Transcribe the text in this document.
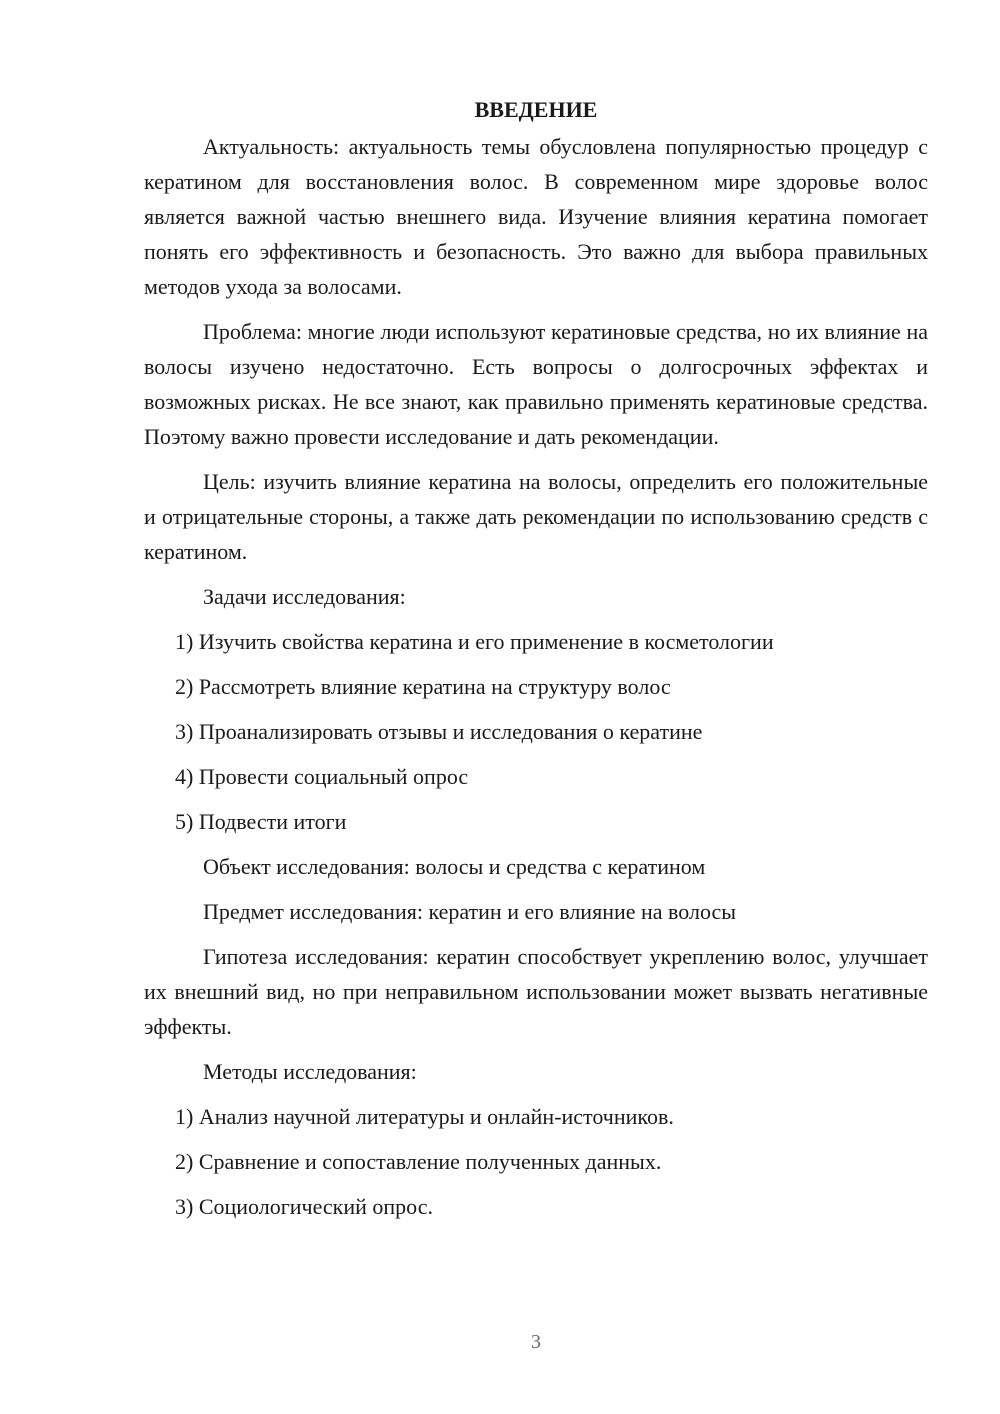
ВВЕДЕНИЕ

Актуальность: актуальность темы обусловлена популярностью процедур с кератином для восстановления волос. В современном мире здоровье волос является важной частью внешнего вида. Изучение влияния кератина помогает понять его эффективность и безопасность. Это важно для выбора правильных методов ухода за волосами.

Проблема: многие люди используют кератиновые средства, но их влияние на волосы изучено недостаточно. Есть вопросы о долгосрочных эффектах и возможных рисках. Не все знают, как правильно применять кератиновые средства. Поэтому важно провести исследование и дать рекомендации.

Цель: изучить влияние кератина на волосы, определить его положительные и отрицательные стороны, а также дать рекомендации по использованию средств с кератином.

Задачи исследования:
1) Изучить свойства кератина и его применение в косметологии
2) Рассмотреть влияние кератина на структуру волос
3) Проанализировать отзывы и исследования о кератине
4) Провести социальный опрос
5) Подвести итоги
Объект исследования: волосы и средства с кератином
Предмет исследования: кератин и его влияние на волосы

Гипотеза исследования: кератин способствует укреплению волос, улучшает их внешний вид, но при неправильном использовании может вызвать негативные эффекты.

Методы исследования:
1) Анализ научной литературы и онлайн-источников.
2) Сравнение и сопоставление полученных данных.
3) Социологический опрос.
3
